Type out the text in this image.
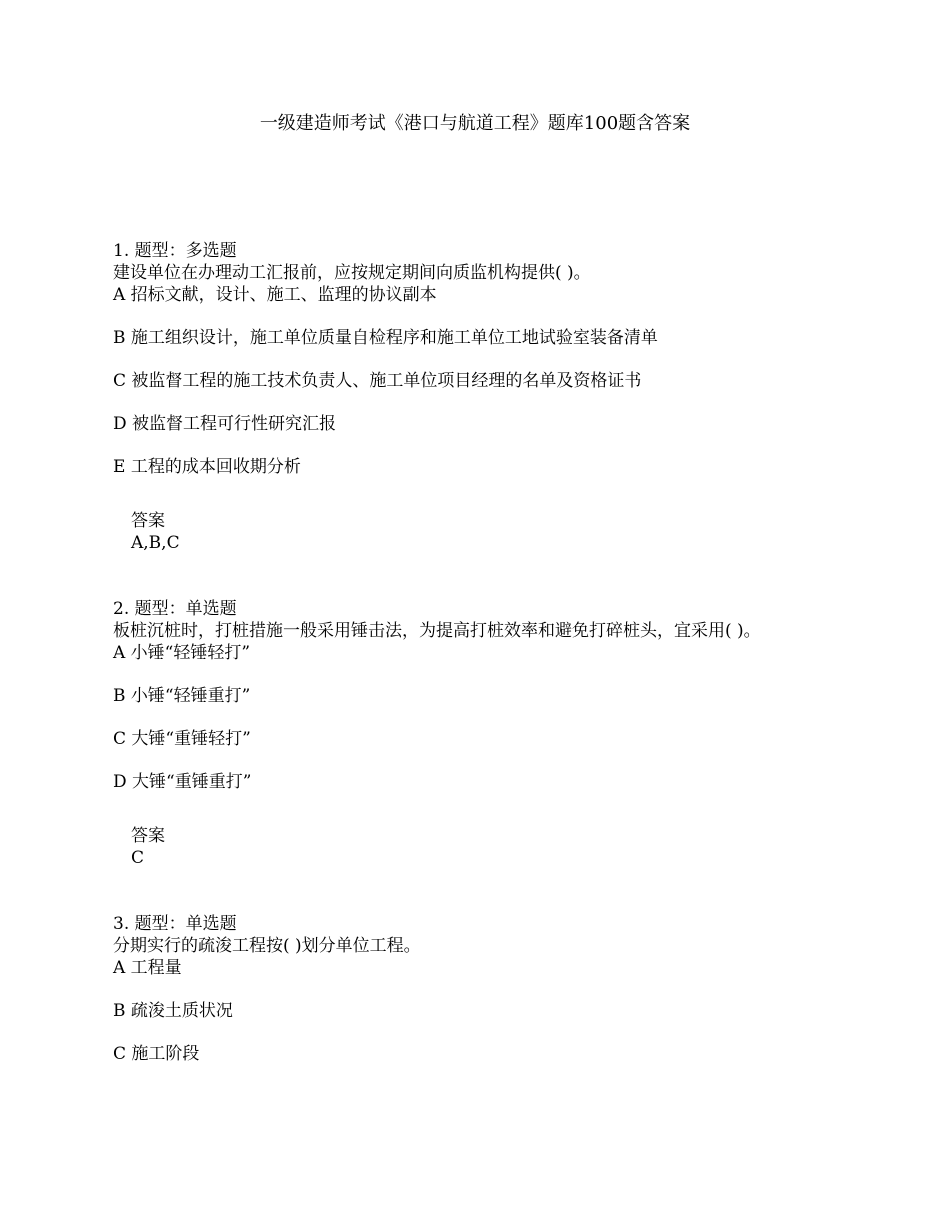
一级建造师考试《港口与航道工程》题库100题含答案
1. 题型：多选题
建设单位在办理动工汇报前，应按规定期间向质监机构提供( )。
A 招标文献，设计、施工、监理的协议副本
B 施工组织设计，施工单位质量自检程序和施工单位工地试验室装备清单
C 被监督工程的施工技术负责人、施工单位项目经理的名单及资格证书
D 被监督工程可行性研究汇报
E 工程的成本回收期分析
答案
A,B,C
2. 题型：单选题
板桩沉桩时，打桩措施一般采用锤击法，为提高打桩效率和避免打碎桩头，宜采用( )。
A 小锤“轻锤轻打”
B 小锤“轻锤重打”
C 大锤“重锤轻打”
D 大锤“重锤重打”
答案
C
3. 题型：单选题
分期实行的疏浚工程按( )划分单位工程。
A 工程量
B 疏浚土质状况
C 施工阶段
